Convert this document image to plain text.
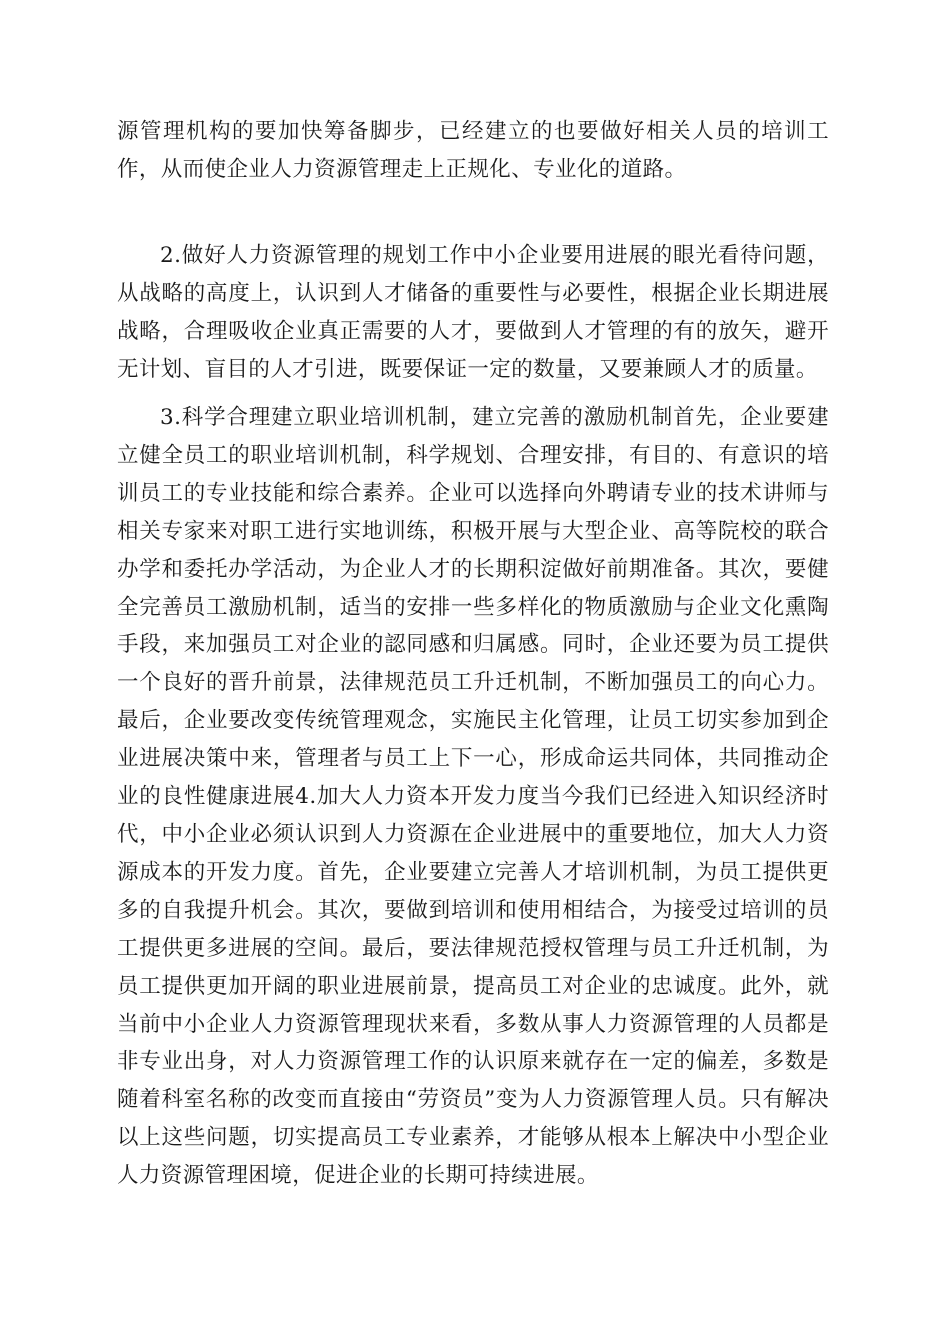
源管理机构的要加快筹备脚步，已经建立的也要做好相关人员的培训工作，从而使企业人力资源管理走上正规化、专业化的道路。

2.做好人力资源管理的规划工作中小企业要用进展的眼光看待问题，从战略的高度上，认识到人才储备的重要性与必要性，根据企业长期进展战略，合理吸收企业真正需要的人才，要做到人才管理的有的放矢，避开无计划、盲目的人才引进，既要保证一定的数量，又要兼顾人才的质量。

3.科学合理建立职业培训机制，建立完善的激励机制首先，企业要建立健全员工的职业培训机制，科学规划、合理安排，有目的、有意识的培训员工的专业技能和综合素养。企业可以选择向外聘请专业的技术讲师与相关专家来对职工进行实地训练，积极开展与大型企业、高等院校的联合办学和委托办学活动，为企业人才的长期积淀做好前期准备。其次，要健全完善员工激励机制，适当的安排一些多样化的物质激励与企业文化熏陶手段，来加强员工对企业的認同感和归属感。同时，企业还要为员工提供一个良好的晋升前景，法律规范员工升迁机制，不断加强员工的向心力。最后，企业要改变传统管理观念，实施民主化管理，让员工切实参加到企业进展决策中来，管理者与员工上下一心，形成命运共同体，共同推动企业的良性健康进展4.加大人力资本开发力度当今我们已经进入知识经济时代，中小企业必须认识到人力资源在企业进展中的重要地位，加大人力资源成本的开发力度。首先，企业要建立完善人才培训机制，为员工提供更多的自我提升机会。其次，要做到培训和使用相结合，为接受过培训的员工提供更多进展的空间。最后，要法律规范授权管理与员工升迁机制，为员工提供更加开阔的职业进展前景，提高员工对企业的忠诚度。此外，就当前中小企业人力资源管理现状来看，多数从事人力资源管理的人员都是非专业出身，对人力资源管理工作的认识原来就存在一定的偏差，多数是随着科室名称的改变而直接由“劳资员”变为人力资源管理人员。只有解决以上这些问题，切实提高员工专业素养，才能够从根本上解决中小型企业人力资源管理困境，促进企业的长期可持续进展。
